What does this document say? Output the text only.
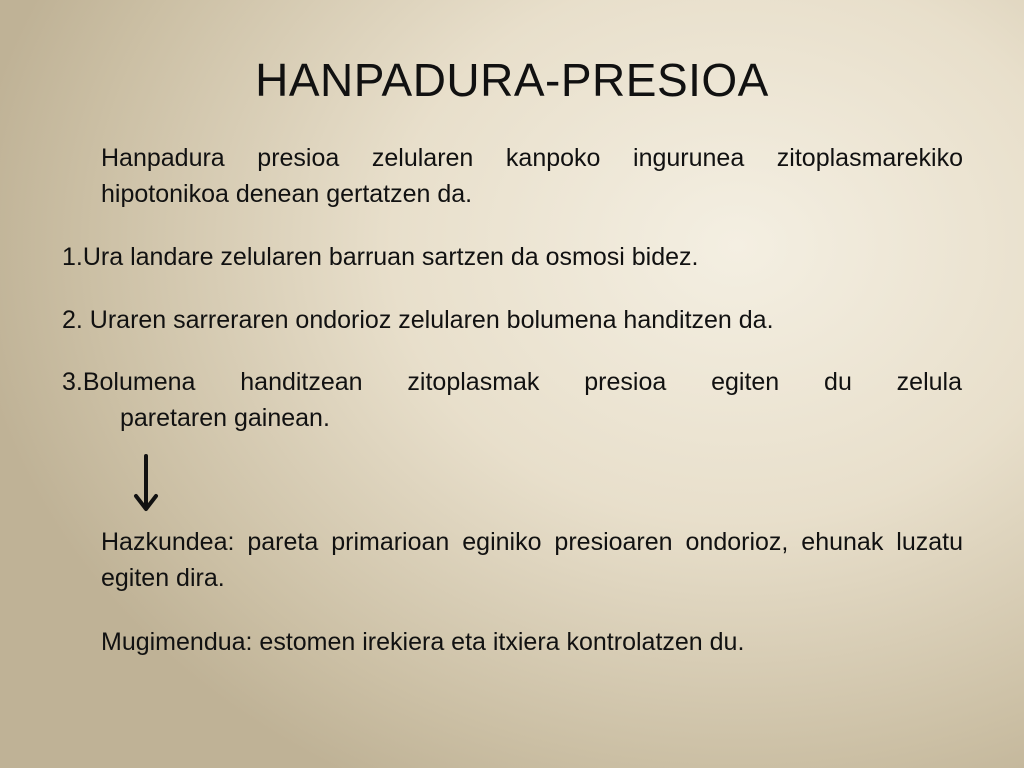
HANPADURA-PRESIOA

Hanpadura presioa zelularen kanpoko ingurunea zitoplasmarekiko hipotonikoa denean gertatzen da.

1.Ura landare zelularen barruan sartzen da osmosi bidez.

2. Uraren sarreraren ondorioz zelularen bolumena handitzen da.

3.Bolumena handitzean zitoplasmak presioa egiten du zelula
paretaren gainean.

Hazkundea: pareta primarioan eginiko presioaren ondorioz, ehunak luzatu egiten dira.

Mugimendua: estomen irekiera eta itxiera kontrolatzen du.
